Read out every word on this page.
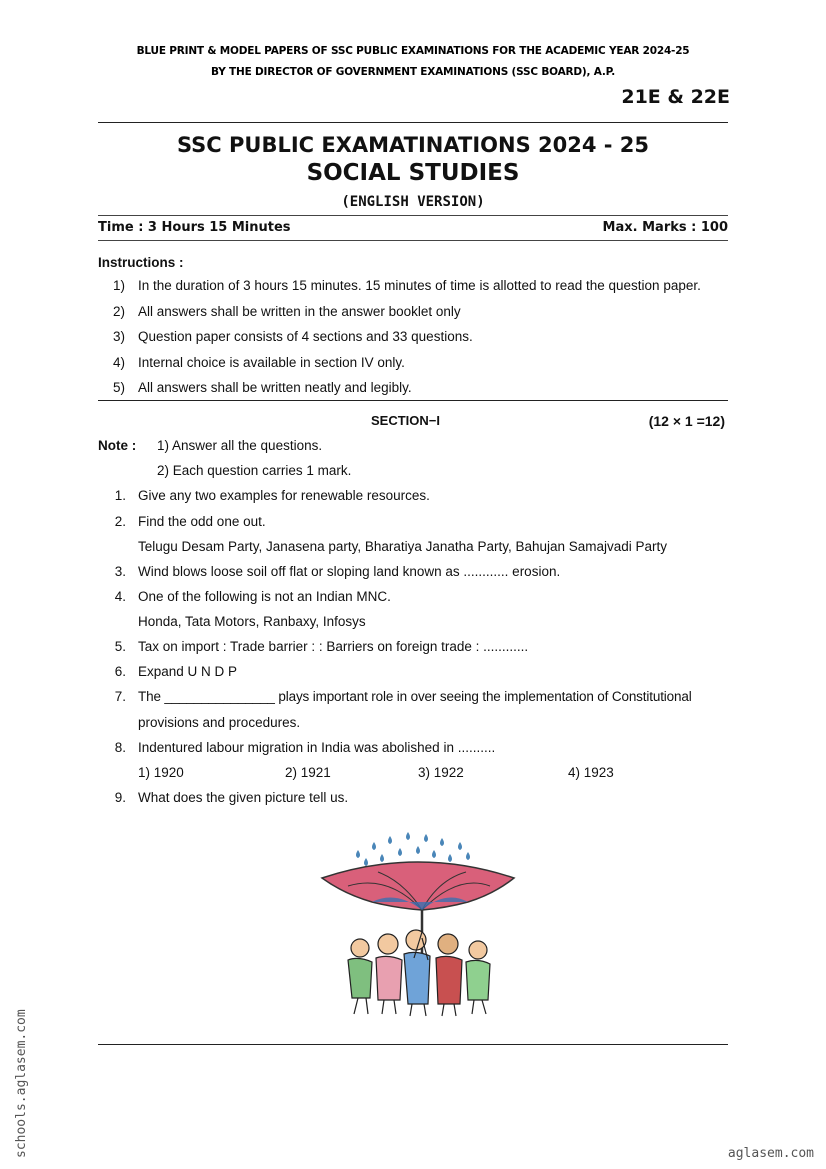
BLUE PRINT & MODEL PAPERS OF SSC PUBLIC EXAMINATIONS FOR THE ACADEMIC YEAR 2024-25
BY THE DIRECTOR OF GOVERNMENT EXAMINATIONS (SSC BOARD), A.P.
21E & 22E
SSC PUBLIC EXAMATINATIONS 2024 - 25
SOCIAL STUDIES
(ENGLISH VERSION)
Time : 3 Hours 15 Minutes	Max. Marks : 100
Instructions :
1) In the duration of 3 hours 15 minutes. 15 minutes of time is allotted to read the question paper.
2) All answers shall be written in the answer booklet only
3) Question paper consists of 4 sections and 33 questions.
4) Internal choice is available in section IV only.
5) All answers shall be written neatly and legibly.
SECTION−I	(12 × 1 =12)
Note : 1) Answer all the questions.
2) Each question carries 1 mark.
1. Give any two examples for renewable resources.
2. Find the odd one out.
Telugu Desam Party, Janasena party, Bharatiya Janatha Party, Bahujan Samajvadi Party
3. Wind blows loose soil off flat or sloping land known as ............ erosion.
4. One of the following is not an Indian MNC.
Honda, Tata Motors, Ranbaxy, Infosys
5. Tax on import : Trade barrier : : Barriers on foreign trade : ............
6. Expand U N D P
7. The _______________ plays important role in over seeing the implementation of Constitutional
provisions and procedures.
8. Indentured labour migration in India was abolished in ..........
1) 1920	2) 1921	3) 1922	4) 1923
9. What does the given picture tell us.
schools.aglasem.com	aglasem.com
